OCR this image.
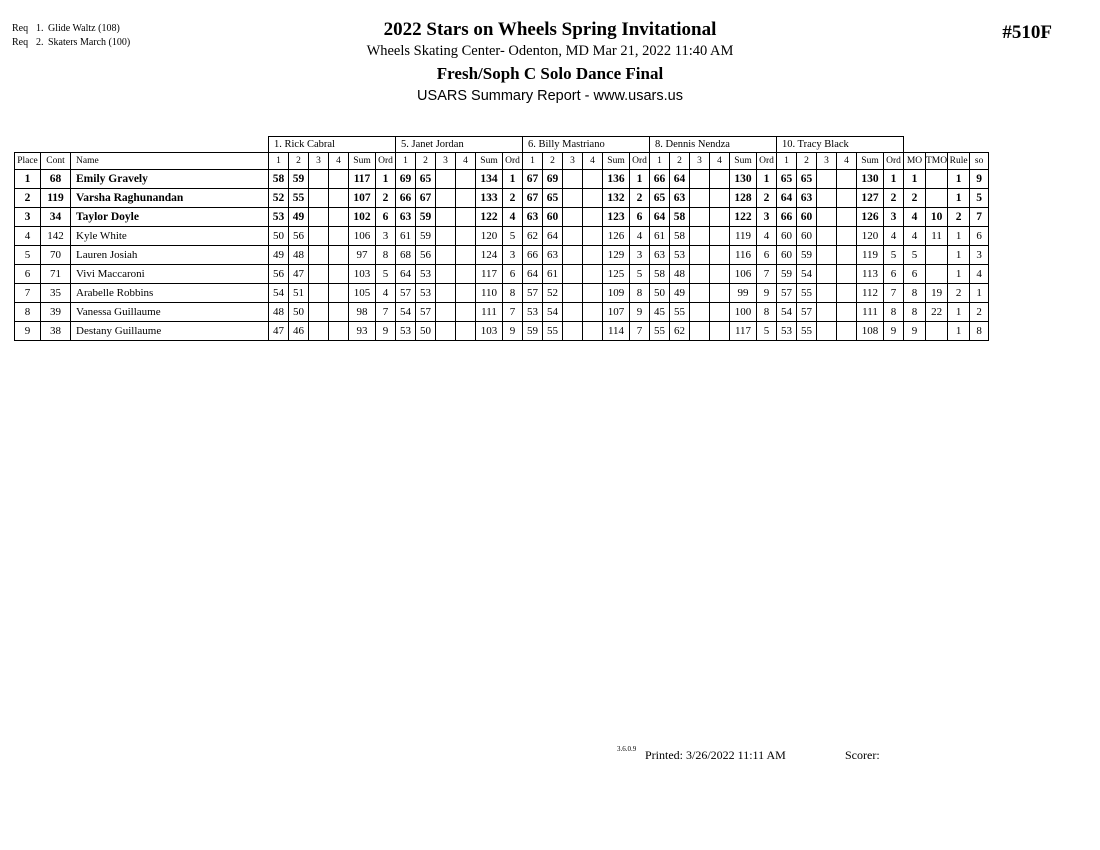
Req 1. Glide Waltz (108)
Req 2. Skaters March (100)
2022 Stars on Wheels Spring Invitational
Wheels Skating Center- Odenton, MD Mar 21, 2022 11:40 AM
Fresh/Soph C Solo Dance Final
USARS Summary Report - www.usars.us
#510F
			1. Rick Cabral						5. Janet Jordan						6. Billy Mastriano						8. Dennis Nendza						10. Tracy Black									
Place	Cont	Name	1	2	3	4	Sum	Ord	1	2	3	4	Sum	Ord	1	2	3	4	Sum	Ord	1	2	3	4	Sum	Ord	1	2	3	4	Sum	Ord	MO	TMO	Rule	so
1	68	Emily Gravely	58	59			117	1	69	65			134	1	67	69			136	1	66	64			130	1	65	65			130	1	1		1	9
2	119	Varsha Raghunandan	52	55			107	2	66	67			133	2	67	65			132	2	65	63			128	2	64	63			127	2	2		1	5
3	34	Taylor Doyle	53	49			102	6	63	59			122	4	63	60			123	6	64	58			122	3	66	60			126	3	4	10	2	7
4	142	Kyle White	50	56			106	3	61	59			120	5	62	64			126	4	61	58			119	4	60	60			120	4	4	11	1	6
5	70	Lauren Josiah	49	48			97	8	68	56			124	3	66	63			129	3	63	53			116	6	60	59			119	5	5		1	3
6	71	Vivi Maccaroni	56	47			103	5	64	53			117	6	64	61			125	5	58	48			106	7	59	54			113	6	6		1	4
7	35	Arabelle Robbins	54	51			105	4	57	53			110	8	57	52			109	8	50	49			99	9	57	55			112	7	8	19	2	1
8	39	Vanessa Guillaume	48	50			98	7	54	57			111	7	53	54			107	9	45	55			100	8	54	57			111	8	8	22	1	2
9	38	Destany Guillaume	47	46			93	9	53	50			103	9	59	55			114	7	55	62			117	5	53	55			108	9	9		1	8
3.6.0.9 Printed: 3/26/2022 11:11 AM	Scorer:
